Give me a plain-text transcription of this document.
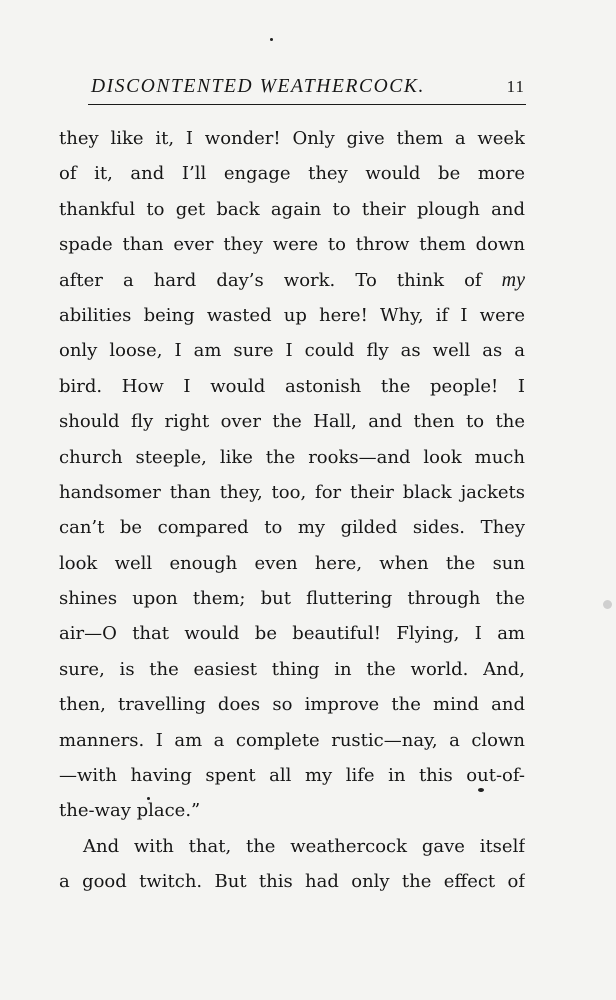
DISCONTENTED WEATHERCOCK.	11
they like it, I wonder! Only give them a week
of it, and I’ll engage they would be more
thankful to get back again to their plough and
spade than ever they were to throw them down
after a hard day’s work. To think of my
abilities being wasted up here! Why, if I were
only loose, I am sure I could fly as well as a
bird. How I would astonish the people! I
should fly right over the Hall, and then to the
church steeple, like the rooks—and look much
handsomer than they, too, for their black jackets
can’t be compared to my gilded sides. They
look well enough even here, when the sun
shines upon them; but fluttering through the
air—O that would be beautiful! Flying, I am
sure, is the easiest thing in the world. And,
then, travelling does so improve the mind and
manners. I am a complete rustic—nay, a clown
—with having spent all my life in this out-of-
the-way place.”
And with that, the weathercock gave itself
a good twitch. But this had only the effect of
